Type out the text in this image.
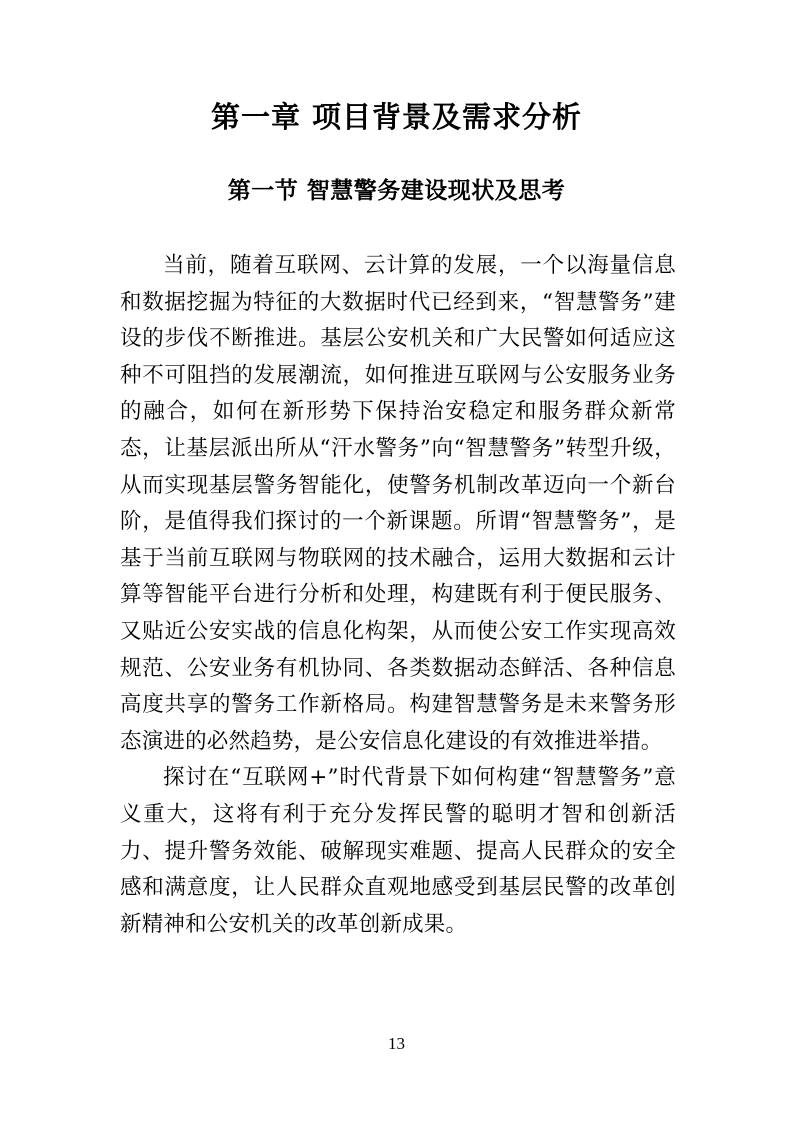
第一章 项目背景及需求分析
第一节 智慧警务建设现状及思考

当前，随着互联网、云计算的发展，一个以海量信息和数据挖掘为特征的大数据时代已经到来，“智慧警务”建设的步伐不断推进。基层公安机关和广大民警如何适应这种不可阻挡的发展潮流，如何推进互联网与公安服务业务的融合，如何在新形势下保持治安稳定和服务群众新常态，让基层派出所从“汗水警务”向“智慧警务”转型升级，从而实现基层警务智能化，使警务机制改革迈向一个新台阶，是值得我们探讨的一个新课题。所谓“智慧警务”，是基于当前互联网与物联网的技术融合，运用大数据和云计算等智能平台进行分析和处理，构建既有利于便民服务、又贴近公安实战的信息化构架，从而使公安工作实现高效规范、公安业务有机协同、各类数据动态鲜活、各种信息高度共享的警务工作新格局。构建智慧警务是未来警务形态演进的必然趋势，是公安信息化建设的有效推进举措。

探讨在“互联网+”时代背景下如何构建“智慧警务”意义重大，这将有利于充分发挥民警的聪明才智和创新活力、提升警务效能、破解现实难题、提高人民群众的安全感和满意度，让人民群众直观地感受到基层民警的改革创新精神和公安机关的改革创新成果。

13
